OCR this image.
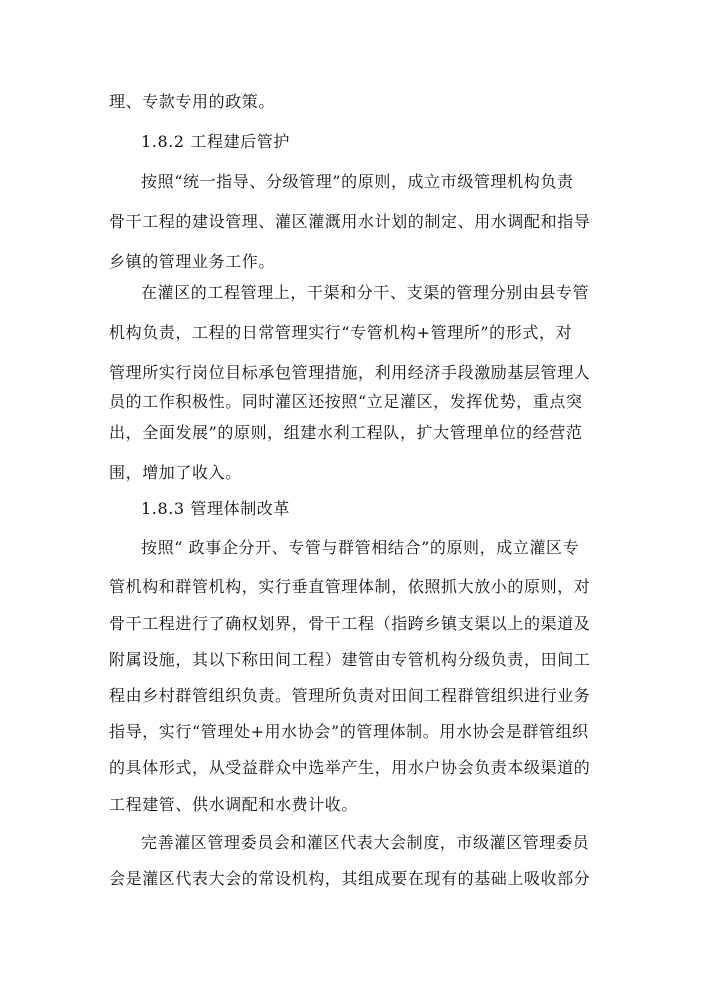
理、专款专用的政策。
1.8.2 工程建后管护
按照“统一指导、分级管理”的原则，成立市级管理机构负责
骨干工程的建设管理、灌区灌溉用水计划的制定、用水调配和指导
乡镇的管理业务工作。
在灌区的工程管理上，干渠和分干、支渠的管理分别由县专管
机构负责，工程的日常管理实行“专管机构+管理所”的形式，对
管理所实行岗位目标承包管理措施，利用经济手段激励基层管理人
员的工作积极性。同时灌区还按照“立足灌区，发挥优势，重点突
出，全面发展”的原则，组建水利工程队，扩大管理单位的经营范
围，增加了收入。
1.8.3 管理体制改革
按照“ 政事企分开、专管与群管相结合”的原则，成立灌区专
管机构和群管机构，实行垂直管理体制，依照抓大放小的原则，对
骨干工程进行了确权划界，骨干工程（指跨乡镇支渠以上的渠道及
附属设施，其以下称田间工程）建管由专管机构分级负责，田间工
程由乡村群管组织负责。管理所负责对田间工程群管组织进行业务
指导，实行“管理处+用水协会”的管理体制。用水协会是群管组织
的具体形式，从受益群众中选举产生，用水户协会负责本级渠道的
工程建管、供水调配和水费计收。
完善灌区管理委员会和灌区代表大会制度，市级灌区管理委员
会是灌区代表大会的常设机构，其组成要在现有的基础上吸收部分
